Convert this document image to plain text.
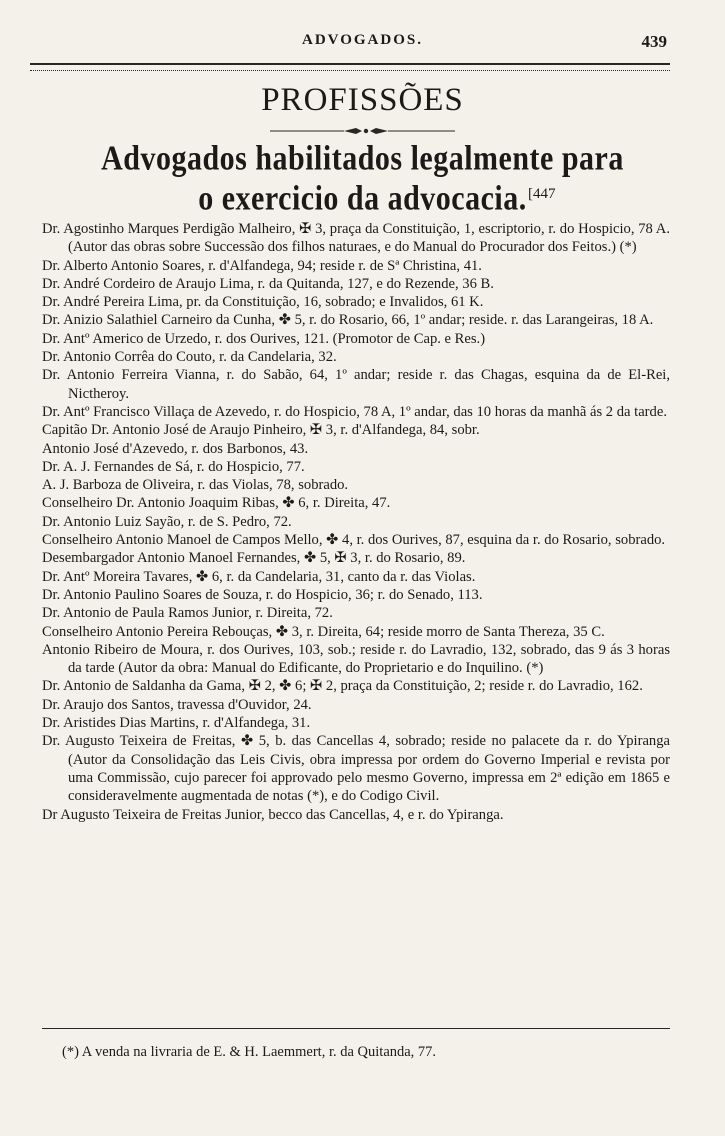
ADVOGADOS.	439
PROFISSÕES
Advogados habilitados legalmente para
o exercicio da advocacia. [447
Dr. Agostinho Marques Perdigão Malheiro, ✠ 3, praça da Constituição, 1, escriptorio, r. do Hospicio, 78 A. (Autor das obras sobre Successão dos filhos naturaes, e do Manual do Procurador dos Feitos.) (*)
Dr. Alberto Antonio Soares, r. d'Alfandega, 94; reside r. de Sª Christina, 41.
Dr. André Cordeiro de Araujo Lima, r. da Quitanda, 127, e do Rezende, 36 B.
Dr. André Pereira Lima, pr. da Constituição, 16, sobrado; e Invalidos, 61 K.
Dr. Anizio Salathiel Carneiro da Cunha, ✤ 5, r. do Rosario, 66, 1º andar; reside. r. das Larangeiras, 18 A.
Dr. Antº Americo de Urzedo, r. dos Ourives, 121. (Promotor de Cap. e Res.)
Dr. Antonio Corrêa do Couto, r. da Candelaria, 32.
Dr. Antonio Ferreira Vianna, r. do Sabão, 64, 1º andar; reside r. das Chagas, esquina da de El-Rei, Nictheroy.
Dr. Antº Francisco Villaça de Azevedo, r. do Hospicio, 78 A, 1º andar, das 10 horas da manhã ás 2 da tarde.
Capitão Dr. Antonio José de Araujo Pinheiro, ✠ 3, r. d'Alfandega, 84, sobr.
Antonio José d'Azevedo, r. dos Barbonos, 43.
Dr. A. J. Fernandes de Sá, r. do Hospicio, 77.
A. J. Barboza de Oliveira, r. das Violas, 78, sobrado.
Conselheiro Dr. Antonio Joaquim Ribas, ✤ 6, r. Direita, 47.
Dr. Antonio Luiz Sayão, r. de S. Pedro, 72.
Conselheiro Antonio Manoel de Campos Mello, ✤ 4, r. dos Ourives, 87, esquina da r. do Rosario, sobrado.
Desembargador Antonio Manoel Fernandes, ✤ 5, ✠ 3, r. do Rosario, 89.
Dr. Antº Moreira Tavares, ✤ 6, r. da Candelaria, 31, canto da r. das Violas.
Dr. Antonio Paulino Soares de Souza, r. do Hospicio, 36; r. do Senado, 113.
Dr. Antonio de Paula Ramos Junior, r. Direita, 72.
Conselheiro Antonio Pereira Rebouças, ✤ 3, r. Direita, 64; reside morro de Santa Thereza, 35 C.
Antonio Ribeiro de Moura, r. dos Ourives, 103, sob.; reside r. do Lavradio, 132, sobrado, das 9 ás 3 horas da tarde (Autor da obra: Manual do Edificante, do Proprietario e do Inquilino. (*)
Dr. Antonio de Saldanha da Gama, ✠ 2, ✤ 6; ✠ 2, praça da Constituição, 2; reside r. do Lavradio, 162.
Dr. Araujo dos Santos, travessa d'Ouvidor, 24.
Dr. Aristides Dias Martins, r. d'Alfandega, 31.
Dr. Augusto Teixeira de Freitas, ✤ 5, b. das Cancellas 4, sobrado; reside no palacete da r. do Ypiranga (Autor da Consolidação das Leis Civis, obra impressa por ordem do Governo Imperial e revista por uma Commissão, cujo parecer foi approvado pelo mesmo Governo, impressa em 2ª edição em 1865 e consideravelmente augmentada de notas (*), e do Codigo Civil.
Dr Augusto Teixeira de Freitas Junior, becco das Cancellas, 4, e r. do Ypiranga.
(*) A venda na livraria de E. & H. Laemmert, r. da Quitanda, 77.
